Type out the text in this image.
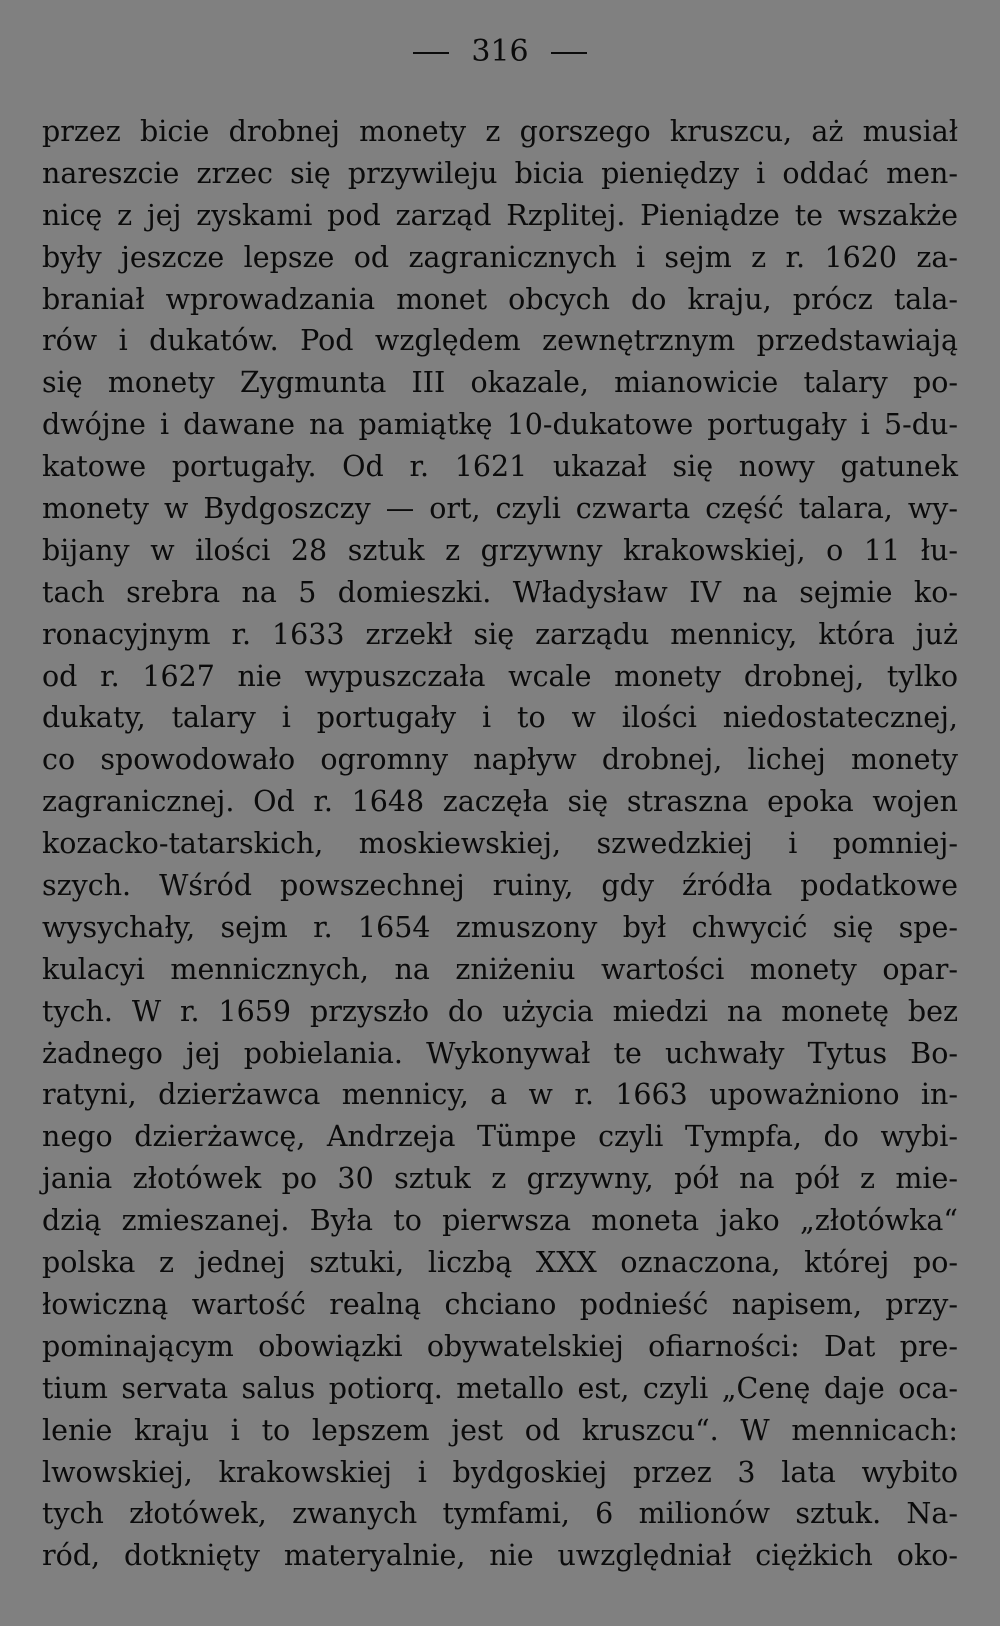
316
przez bicie drobnej monety z gorszego kruszcu, aż musiał
nareszcie zrzec się przywileju bicia pieniędzy i oddać men-
nicę z jej zyskami pod zarząd Rzplitej. Pieniądze te wszakże
były jeszcze lepsze od zagranicznych i sejm z r. 1620 za-
braniał wprowadzania monet obcych do kraju, prócz tala-
rów i dukatów. Pod względem zewnętrznym przedstawiają
się monety Zygmunta III okazale, mianowicie talary po-
dwójne i dawane na pamiątkę 10-dukatowe portugały i 5-du-
katowe portugały. Od r. 1621 ukazał się nowy gatunek
monety w Bydgoszczy — ort, czyli czwarta część talara, wy-
bijany w ilości 28 sztuk z grzywny krakowskiej, o 11 łu-
tach srebra na 5 domieszki. Władysław IV na sejmie ko-
ronacyjnym r. 1633 zrzekł się zarządu mennicy, która już
od r. 1627 nie wypuszczała wcale monety drobnej, tylko
dukaty, talary i portugały i to w ilości niedostatecznej,
co spowodowało ogromny napływ drobnej, lichej monety
zagranicznej. Od r. 1648 zaczęła się straszna epoka wojen
kozacko-tatarskich, moskiewskiej, szwedzkiej i pomniej-
szych. Wśród powszechnej ruiny, gdy źródła podatkowe
wysychały, sejm r. 1654 zmuszony był chwycić się spe-
kulacyi mennicznych, na zniżeniu wartości monety opar-
tych. W r. 1659 przyszło do użycia miedzi na monetę bez
żadnego jej pobielania. Wykonywał te uchwały Tytus Bo-
ratyni, dzierżawca mennicy, a w r. 1663 upoważniono in-
nego dzierżawcę, Andrzeja Tümpe czyli Tympfa, do wybi-
jania złotówek po 30 sztuk z grzywny, pół na pół z mie-
dzią zmieszanej. Była to pierwsza moneta jako „złotówka“
polska z jednej sztuki, liczbą XXX oznaczona, której po-
łowiczną wartość realną chciano podnieść napisem, przy-
pominającym obowiązki obywatelskiej ofiarności: Dat pre-
tium servata salus potiorq. metallo est, czyli „Cenę daje oca-
lenie kraju i to lepszem jest od kruszcu“. W mennicach:
lwowskiej, krakowskiej i bydgoskiej przez 3 lata wybito
tych złotówek, zwanych tymfami, 6 milionów sztuk. Na-
ród, dotknięty materyalnie, nie uwzględniał ciężkich oko-
